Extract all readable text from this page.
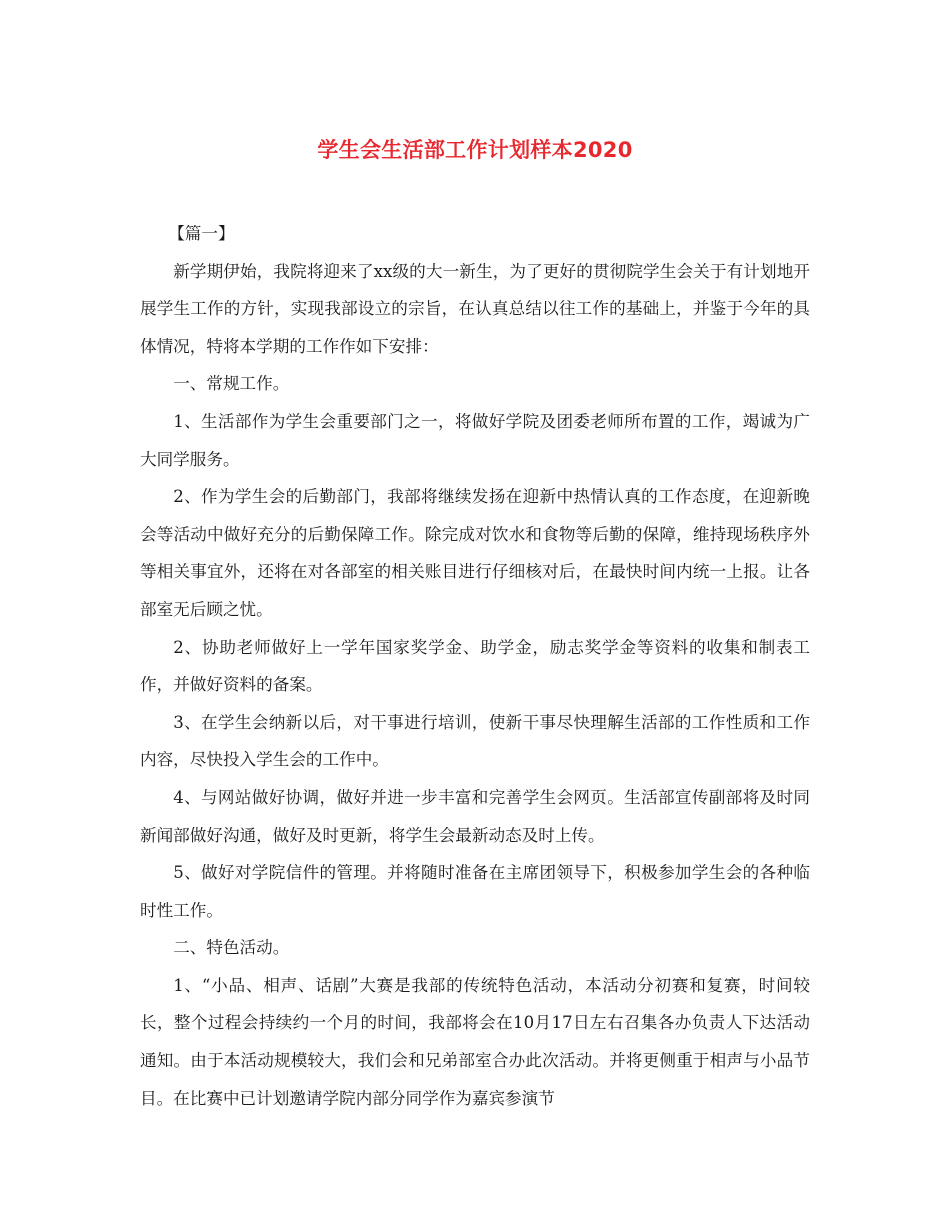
学生会生活部工作计划样本2020

【篇一】

新学期伊始，我院将迎来了xx级的大一新生，为了更好的贯彻院学生会关于有计划地开展学生工作的方针，实现我部设立的宗旨，在认真总结以往工作的基础上，并鉴于今年的具体情况，特将本学期的工作作如下安排：

一、常规工作。

1、生活部作为学生会重要部门之一，将做好学院及团委老师所布置的工作，竭诚为广大同学服务。

2、作为学生会的后勤部门，我部将继续发扬在迎新中热情认真的工作态度，在迎新晚会等活动中做好充分的后勤保障工作。除完成对饮水和食物等后勤的保障，维持现场秩序外等相关事宜外，还将在对各部室的相关账目进行仔细核对后，在最快时间内统一上报。让各部室无后顾之忧。

2、协助老师做好上一学年国家奖学金、助学金，励志奖学金等资料的收集和制表工作，并做好资料的备案。

3、在学生会纳新以后，对干事进行培训，使新干事尽快理解生活部的工作性质和工作内容，尽快投入学生会的工作中。

4、与网站做好协调，做好并进一步丰富和完善学生会网页。生活部宣传副部将及时同新闻部做好沟通，做好及时更新，将学生会最新动态及时上传。

5、做好对学院信件的管理。并将随时准备在主席团领导下，积极参加学生会的各种临时性工作。

二、特色活动。

1、“小品、相声、话剧”大赛是我部的传统特色活动，本活动分初赛和复赛，时间较长，整个过程会持续约一个月的时间，我部将会在10月17日左右召集各办负责人下达活动通知。由于本活动规模较大，我们会和兄弟部室合办此次活动。并将更侧重于相声与小品节目。在比赛中已计划邀请学院内部分同学作为嘉宾参演节
